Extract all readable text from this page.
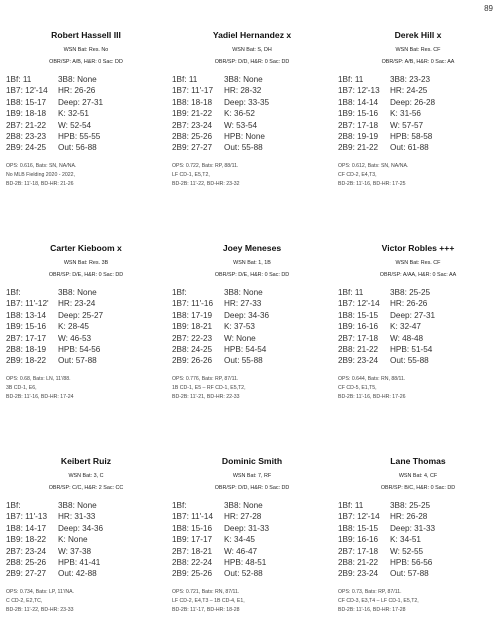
89
Robert Hassell III
WSN Bat: Res. No
OBR/SP: A/B, H&R: 0 Sac: DD
1Bf: 11	3B8: None
1B7: 12'-14	HR: 26-26
1B8: 15-17	Deep: 27-31
1B9: 18-18	K: 32-51
2B7: 21-22	W: 52-54
2B8: 23-23	HPB: 55-55
2B9: 24-25	Out: 56-88
OPS: 0.616, Bats: SN, NA/NA.
No MLB Fielding 2020 - 2022,
BD-2B: 11'-18, BD-HR: 21-26
Yadiel Hernandez x
WSN Bat: S, DH
OBR/SP: D/D, H&R: 0 Sac: DD
1Bf: 11	3B8: None
1B7: 11'-17	HR: 28-32
1B8: 18-18	Deep: 33-35
1B9: 21-22	K: 36-52
2B7: 23-24	W: 53-54
2B8: 25-26	HPB: None
2B9: 27-27	Out: 55-88
OPS: 0.722, Bats: RP, 88/11.
LF CD-1, E5,T2,
BD-2B: 11'-22, BD-HR: 23-32
Derek Hill x
WSN Bat: Res. CF
OBR/SP: A/B, H&R: 0 Sac: AA
1Bf: 11	3B8: 23-23
1B7: 12'-13	HR: 24-25
1B8: 14-14	Deep: 26-28
1B9: 15-16	K: 31-56
2B7: 17-18	W: 57-57
2B8: 19-19	HPB: 58-58
2B9: 21-22	Out: 61-88
OPS: 0.612, Bats: SN, NA/NA.
CF CD-2, E4,T3,
BD-2B: 11'-16, BD-HR: 17-25
Carter Kieboom x
WSN Bat: Res. 3B
OBR/SP: D/E, H&R: 0 Sac: DD
1Bf:	3B8: None
1B7: 11'-12'	HR: 23-24
1B8: 13-14	Deep: 25-27
1B9: 15-16	K: 28-45
2B7: 17-17	W: 46-53
2B8: 18-19	HPB: 54-56
2B9: 18-22	Out: 57-88
OPS: 0.68, Bats: LN, 11'/88.
3B CD-1, E6,
BD-2B: 11'-16, BD-HR: 17-24
Joey Meneses
WSN Bat: 1, 1B
OBR/SP: D/E, H&R: 0 Sac: DD
1Bf:	3B8: None
1B7: 11'-16	HR: 27-33
1B8: 17-19	Deep: 34-36
1B9: 18-21	K: 37-53
2B7: 22-23	W: None
2B8: 24-25	HPB: 54-54
2B9: 26-26	Out: 55-88
OPS: 0.776, Bats: RP, 87/11.
1B CD-1, E5 – RF CD-1, E5,T2,
BD-2B: 11'-21, BD-HR: 22-33
Victor Robles +++
WSN Bat: Res. CF
OBR/SP: A/AA, H&R: 0 Sac: AA
1Bf: 11	3B8: 25-25
1B7: 12'-14	HR: 26-26
1B8: 15-15	Deep: 27-31
1B9: 16-16	K: 32-47
2B7: 17-18	W: 48-48
2B8: 21-22	HPB: 51-54
2B9: 23-24	Out: 55-88
OPS: 0.644, Bats: RN, 88/11.
CF CD-5, E1,T5,
BD-2B: 11'-16, BD-HR: 17-26
Keibert Ruiz
WSN Bat: 3, C
OBR/SP: C/C, H&R: 2 Sac: CC
1Bf:	3B8: None
1B7: 11'-13	HR: 31-33
1B8: 14-17	Deep: 34-36
1B9: 18-22	K: None
2B7: 23-24	W: 37-38
2B8: 25-26	HPB: 41-41
2B9: 27-27	Out: 42-88
OPS: 0.734, Bats: LP, 11'/NA.
C CD-2, E2,TC,
BD-2B: 11'-22, BD-HR: 23-33
Dominic Smith
WSN Bat: 7, RF
OBR/SP: D/D, H&R: 0 Sac: DD
1Bf:	3B8: None
1B7: 11'-14	HR: 27-28
1B8: 15-16	Deep: 31-33
1B9: 17-17	K: 34-45
2B7: 18-21	W: 46-47
2B8: 22-24	HPB: 48-51
2B9: 25-26	Out: 52-88
OPS: 0.721, Bats: RN, 87/11.
LF CD-2, E4,T3 – 1B CD-4, E1,
BD-2B: 11'-17, BD-HR: 18-28
Lane Thomas
WSN Bat: 4, CF
OBR/SP: B/C, H&R: 0 Sac: DD
1Bf: 11	3B8: 25-25
1B7: 12'-14	HR: 26-28
1B8: 15-15	Deep: 31-33
1B9: 16-16	K: 34-51
2B7: 17-18	W: 52-55
2B8: 21-22	HPB: 56-56
2B9: 23-24	Out: 57-88
OPS: 0.73, Bats: RP, 87/11.
CF CD-3, E3,T4 – LF CD-1, E5,T2,
BD-2B: 11'-16, BD-HR: 17-28
